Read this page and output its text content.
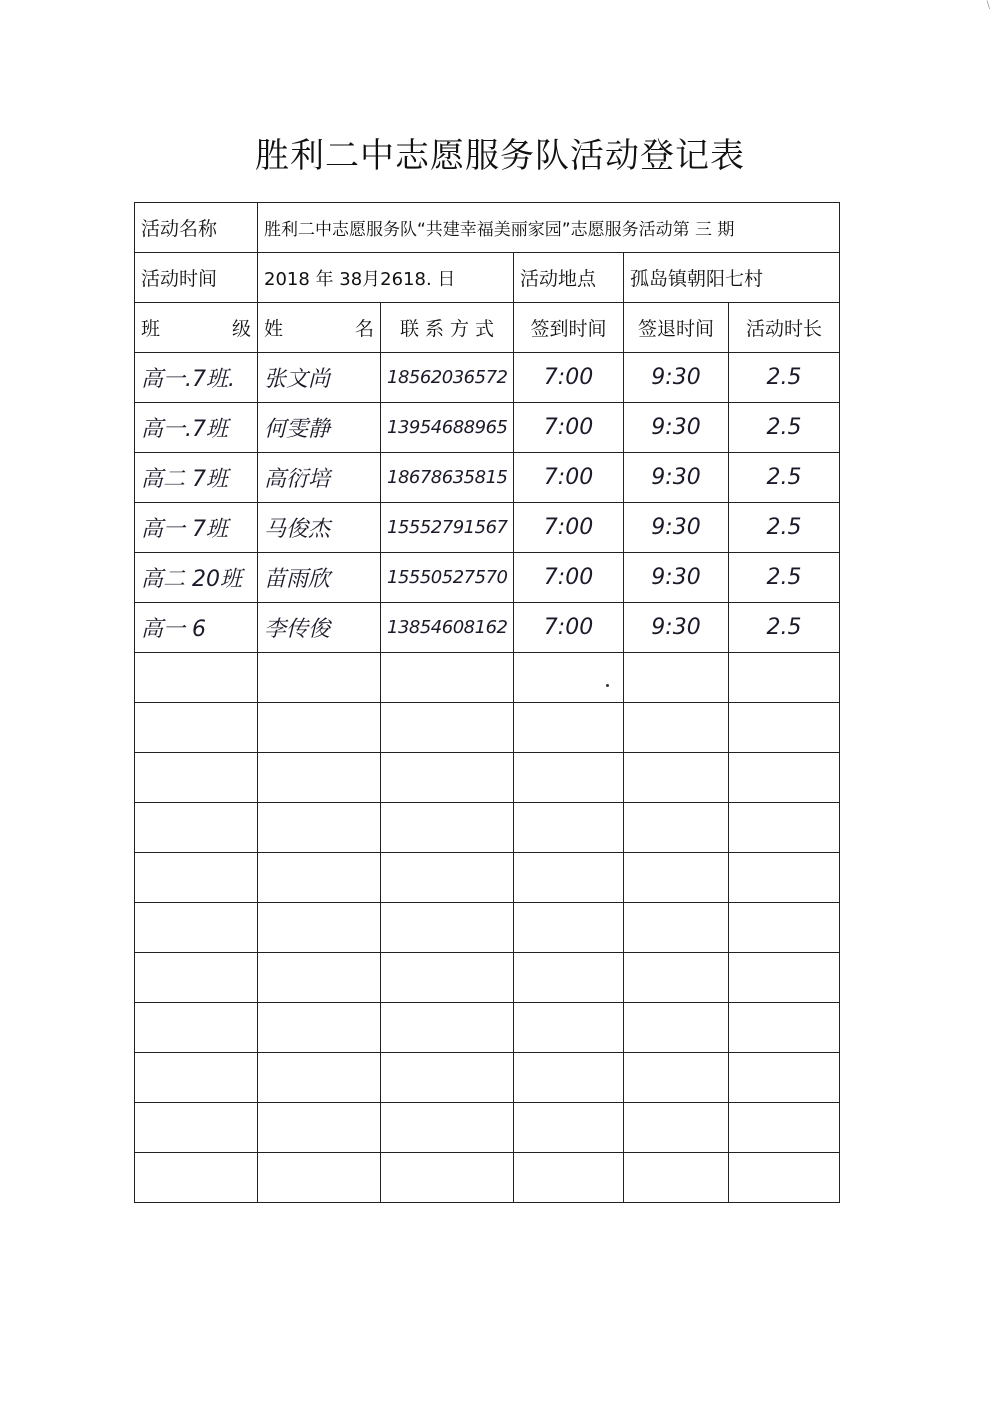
\
胜利二中志愿服务队活动登记表
活动名称	胜利二中志愿服务队“共建幸福美丽家园”志愿服务活动第 三 期				
活动时间	2018 年 38月2618. 日		活动地点	孤岛镇朝阳七村	

班 级	姓 名	联 系 方 式	签到时间	签退时间	活动时长
高一.7班.	张文尚	18562036572	7:00	9:30	2.5
高一.7班	何雯静	13954688965	7:00	9:30	2.5
高二 7班	高衍培	18678635815	7:00	9:30	2.5
高一 7班	马俊杰	15552791567	7:00	9:30	2.5
高二 20班	苗雨欣	15550527570	7:00	9:30	2.5
高一 6	李传俊	13854608162	7:00	9:30	2.5
